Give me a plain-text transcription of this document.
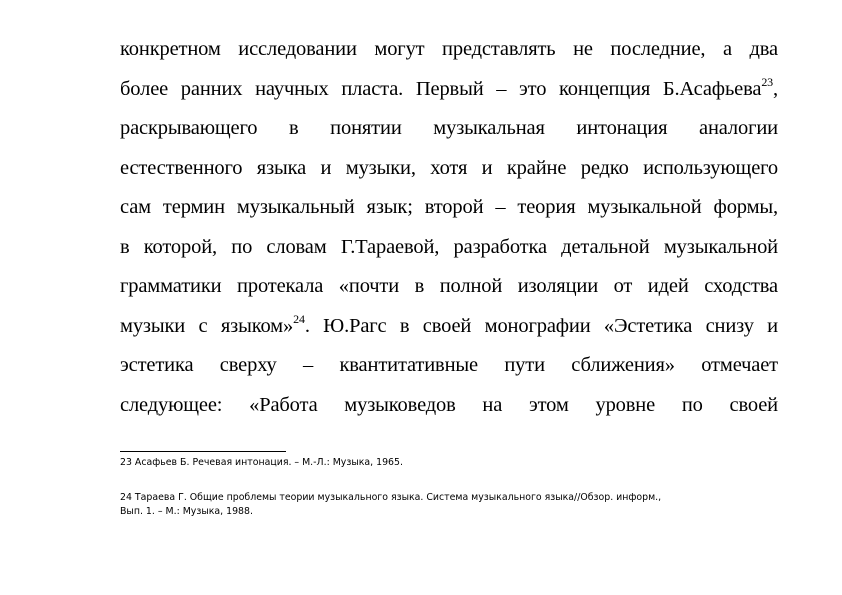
конкретном исследовании могут представлять не последние, а два
более ранних научных пласта. Первый – это концепция Б.Асафьева$^{23}$,
раскрывающего в понятии музыкальная интонация аналогии
естественного языка и музыки, хотя и крайне редко использующего
сам термин музыкальный язык; второй – теория музыкальной формы,
в которой, по словам Г.Тараевой, разработка детальной музыкальной
грамматики протекала «почти в полной изоляции от идей сходства
музыки с языком»$^{24}$. Ю.Рагс в своей монографии «Эстетика снизу и
эстетика сверху – квантитативные пути сближения» отмечает
следующее: «Работа музыковедов на этом уровне по своей

23 Асафьев Б. Речевая интонация. – М.-Л.: Музыка, 1965.

24 Тараева Г. Общие проблемы теории музыкального языка. Система музыкального языка//Обзор. информ.,
Вып. 1. – М.: Музыка, 1988.
